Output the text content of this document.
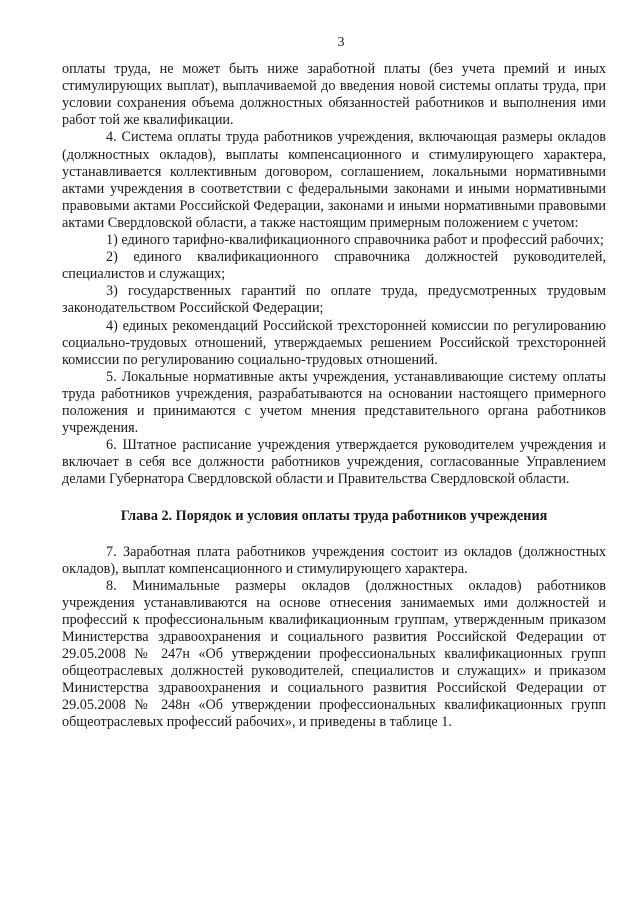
3

оплаты труда, не может быть ниже заработной платы (без учета премий и иных стимулирующих выплат), выплачиваемой до введения новой системы оплаты труда, при условии сохранения объема должностных обязанностей работников и выполнения ими работ той же квалификации.

4. Система оплаты труда работников учреждения, включающая размеры окладов (должностных окладов), выплаты компенсационного и стимулирующего характера, устанавливается коллективным договором, соглашением, локальными нормативными актами учреждения в соответствии с федеральными законами и иными нормативными правовыми актами Российской Федерации, законами и иными нормативными правовыми актами Свердловской области, а также настоящим примерным положением с учетом:

1) единого тарифно-квалификационного справочника работ и профессий рабочих;

2) единого квалификационного справочника должностей руководителей, специалистов и служащих;

3) государственных гарантий по оплате труда, предусмотренных трудовым законодательством Российской Федерации;

4) единых рекомендаций Российской трехсторонней комиссии по регулированию социально-трудовых отношений, утверждаемых решением Российской трехсторонней комиссии по регулированию социально-трудовых отношений.

5. Локальные нормативные акты учреждения, устанавливающие систему оплаты труда работников учреждения, разрабатываются на основании настоящего примерного положения и принимаются с учетом мнения представительного органа работников учреждения.

6. Штатное расписание учреждения утверждается руководителем учреждения и включает в себя все должности работников учреждения, согласованные Управлением делами Губернатора Свердловской области и Правительства Свердловской области.

Глава 2. Порядок и условия оплаты труда работников учреждения

7. Заработная плата работников учреждения состоит из окладов (должностных окладов), выплат компенсационного и стимулирующего характера.

8. Минимальные размеры окладов (должностных окладов) работников учреждения устанавливаются на основе отнесения занимаемых ими должностей и профессий к профессиональным квалификационным группам, утвержденным приказом Министерства здравоохранения и социального развития Российской Федерации от 29.05.2008 № 247н «Об утверждении профессиональных квалификационных групп общеотраслевых должностей руководителей, специалистов и служащих» и приказом Министерства здравоохранения и социального развития Российской Федерации от 29.05.2008 № 248н «Об утверждении профессиональных квалификационных групп общеотраслевых профессий рабочих», и приведены в таблице 1.
